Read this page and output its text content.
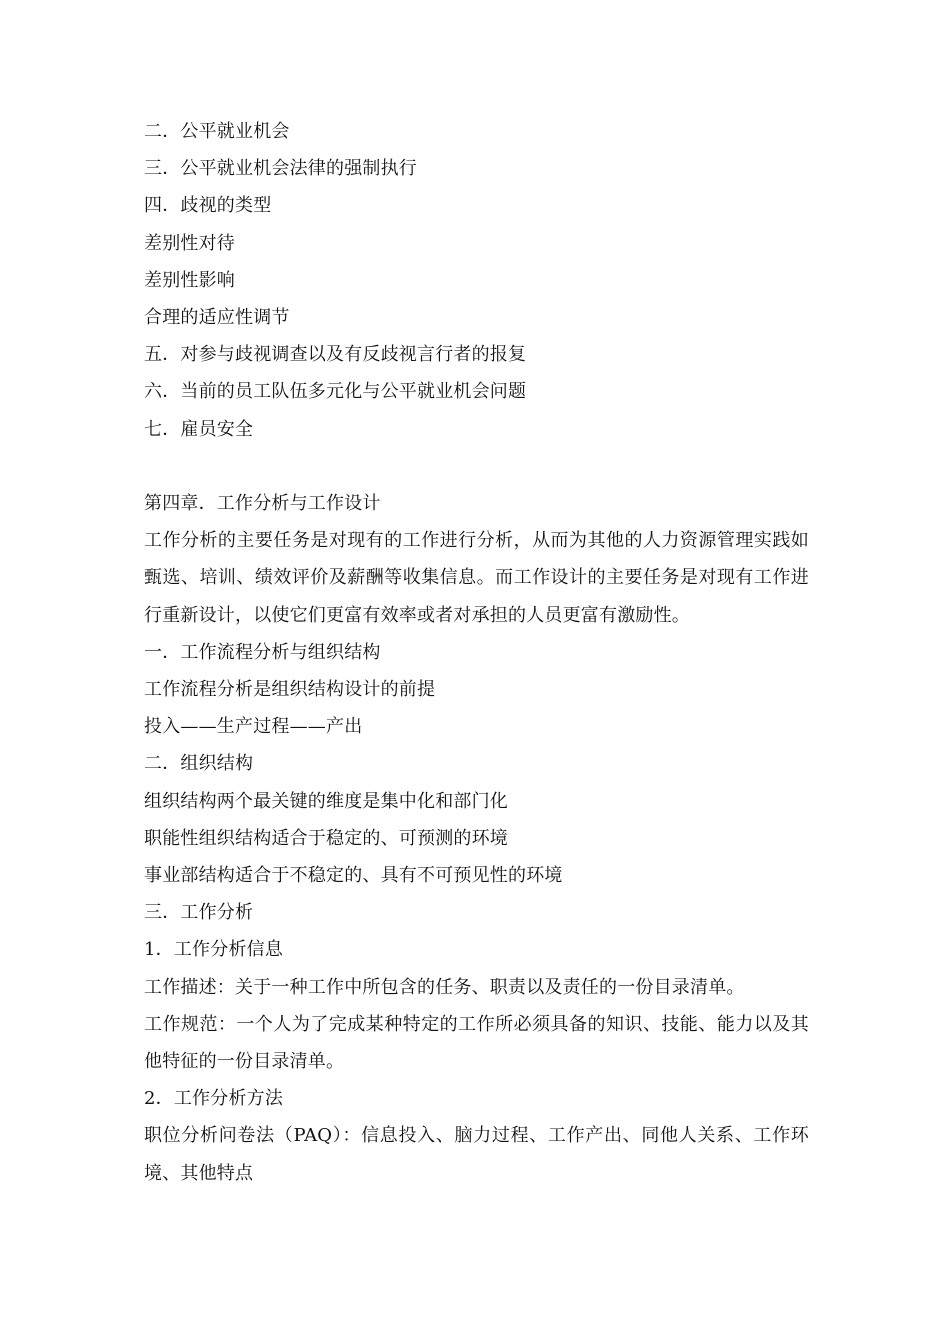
二．公平就业机会

三．公平就业机会法律的强制执行

四．歧视的类型

差别性对待

差别性影响

合理的适应性调节

五．对参与歧视调查以及有反歧视言行者的报复

六．当前的员工队伍多元化与公平就业机会问题

七．雇员安全

第四章．工作分析与工作设计

工作分析的主要任务是对现有的工作进行分析，从而为其他的人力资源管理实践如甄选、培训、绩效评价及薪酬等收集信息。而工作设计的主要任务是对现有工作进行重新设计，以使它们更富有效率或者对承担的人员更富有激励性。

一．工作流程分析与组织结构

工作流程分析是组织结构设计的前提

投入——生产过程——产出

二．组织结构

组织结构两个最关键的维度是集中化和部门化

职能性组织结构适合于稳定的、可预测的环境

事业部结构适合于不稳定的、具有不可预见性的环境

三．工作分析

1．工作分析信息

工作描述：关于一种工作中所包含的任务、职责以及责任的一份目录清单。

工作规范：一个人为了完成某种特定的工作所必须具备的知识、技能、能力以及其他特征的一份目录清单。

2．工作分析方法

职位分析问卷法（PAQ）：信息投入、脑力过程、工作产出、同他人关系、工作环境、其他特点
